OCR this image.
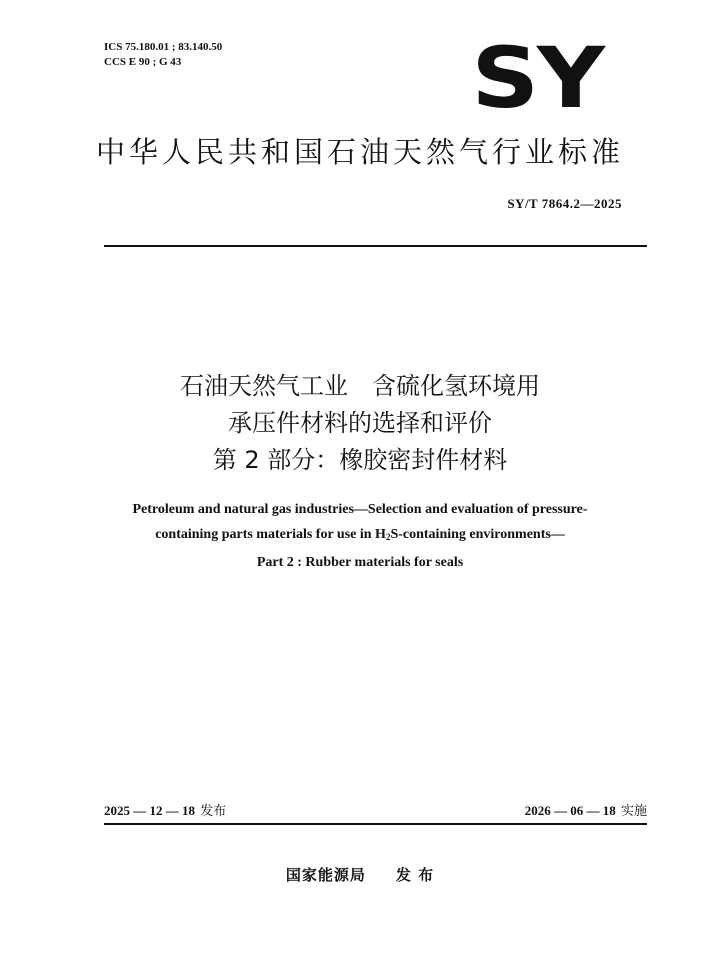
ICS 75.180.01 ; 83.140.50
CCS E 90 ; G 43	SY
中华人民共和国石油天然气行业标准
SY/T 7864.2—2025
石油天然气工业　含硫化氢环境用
承压件材料的选择和评价
第 2 部分：橡胶密封件材料
Petroleum and natural gas industries—Selection and evaluation of pressure-
containing parts materials for use in $H_2S$-containing environments—
Part 2 : Rubber materials for seals
2025 — 12 — 18 发布	2026 — 06 — 18 实施
国家能源局 发 布
